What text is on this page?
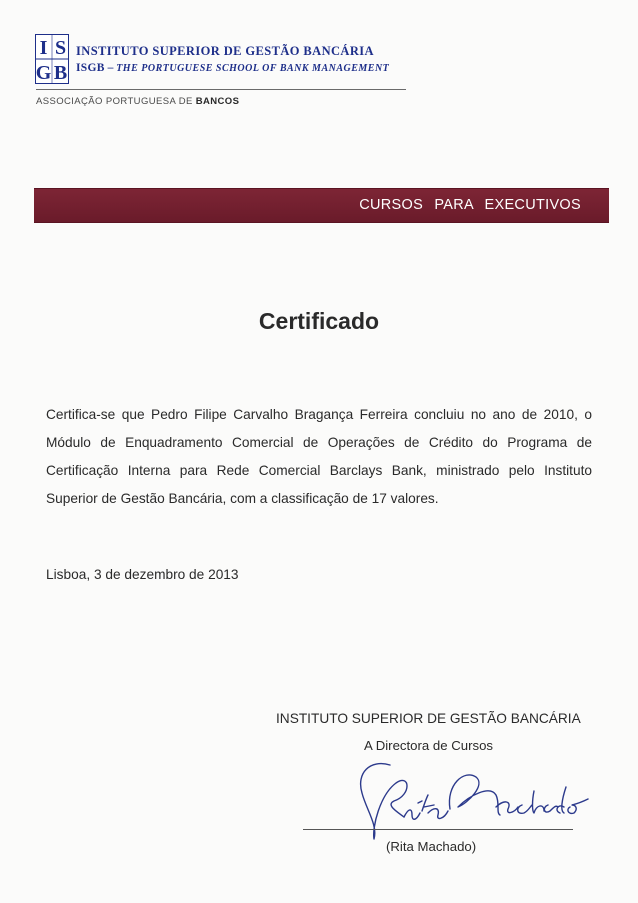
I S
G B
INSTITUTO SUPERIOR DE GESTÃO BANCÁRIA
ISGB – THE PORTUGUESE SCHOOL OF BANK MANAGEMENT
ASSOCIAÇÃO PORTUGUESA DE BANCOS
CURSOS PARA EXECUTIVOS
Certificado
Certifica-se que Pedro Filipe Carvalho Bragança Ferreira concluiu no ano de 2010, o
Módulo de Enquadramento Comercial de Operações de Crédito do Programa de
Certificação Interna para Rede Comercial Barclays Bank, ministrado pelo Instituto
Superior de Gestão Bancária, com a classificação de 17 valores.
Lisboa, 3 de dezembro de 2013
INSTITUTO SUPERIOR DE GESTÃO BANCÁRIA
A Directora de Cursos
(Rita Machado)
